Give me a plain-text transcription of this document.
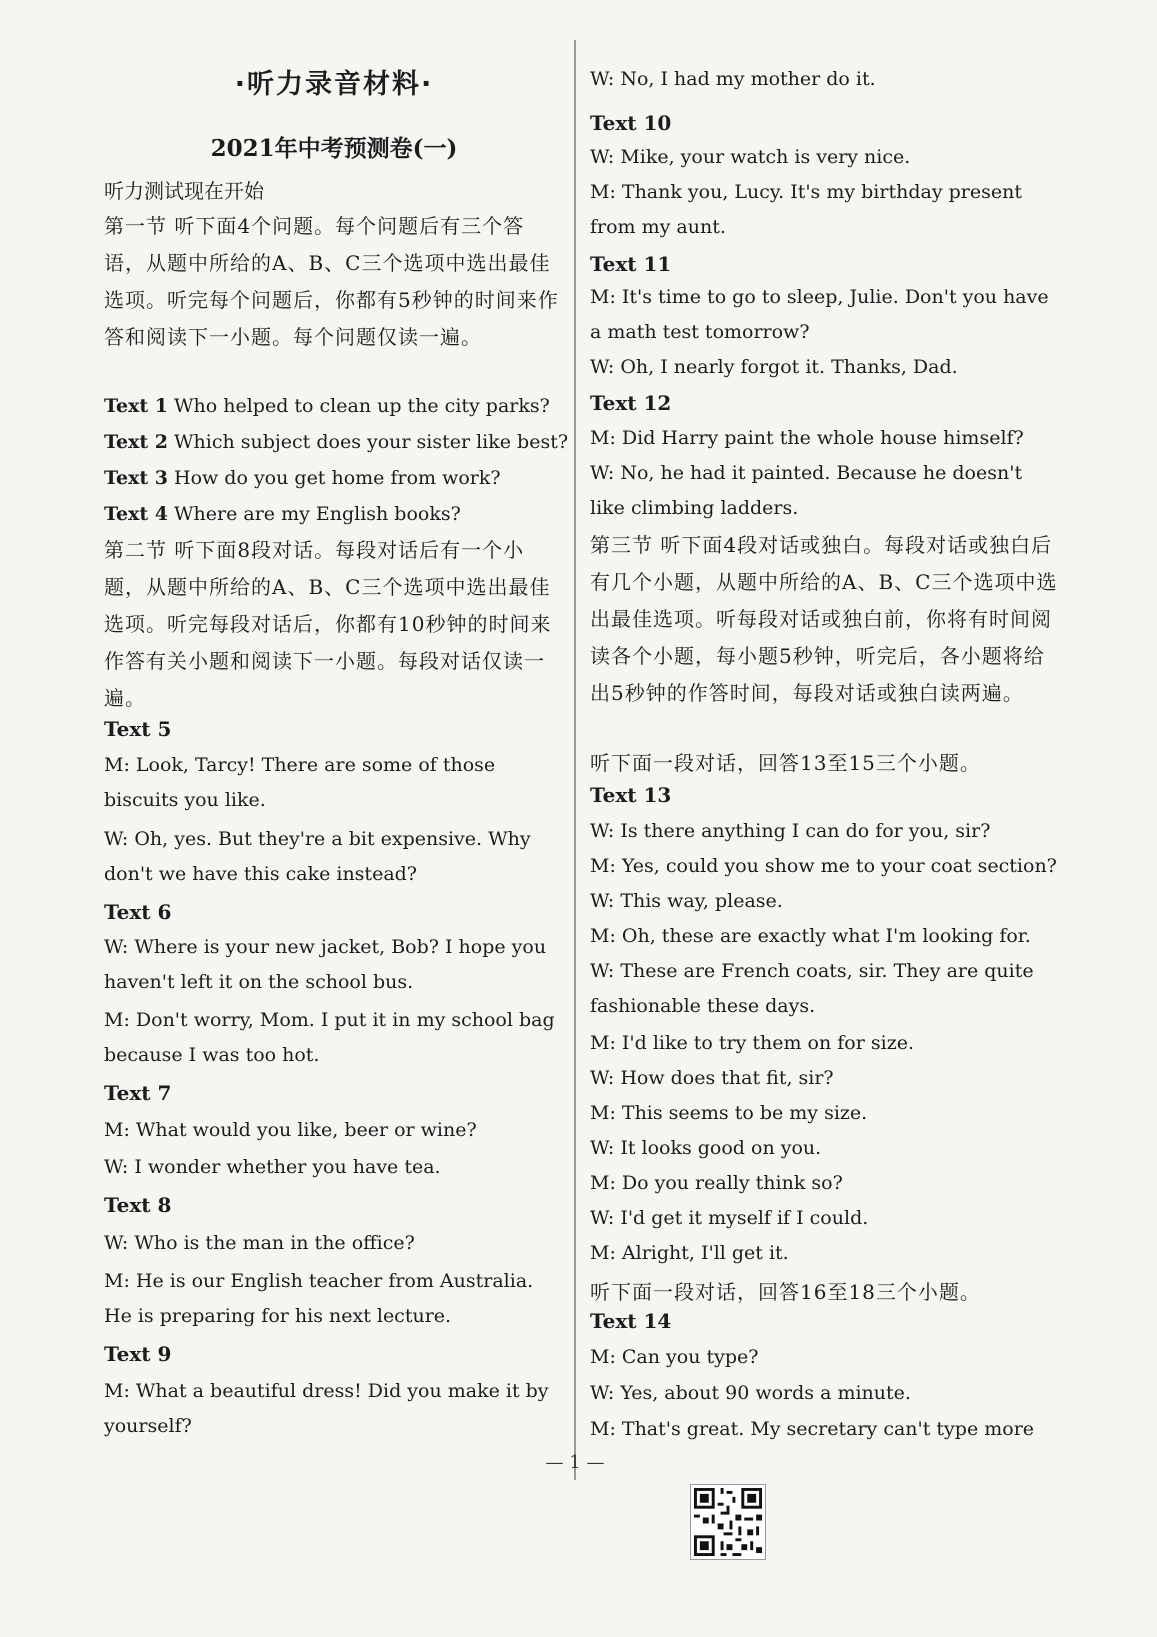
·听力录音材料·
2021年中考预测卷(一)
听力测试现在开始
第一节 听下面4个问题。每个问题后有三个答语，从题中所给的A、B、C三个选项中选出最佳选项。听完每个问题后，你都有5秒钟的时间来作答和阅读下一小题。每个问题仅读一遍。
Text 1 Who helped to clean up the city parks?
Text 2 Which subject does your sister like best?
Text 3 How do you get home from work?
Text 4 Where are my English books?
第二节 听下面8段对话。每段对话后有一个小题，从题中所给的A、B、C三个选项中选出最佳选项。听完每段对话后，你都有10秒钟的时间来作答有关小题和阅读下一小题。每段对话仅读一遍。
Text 5
M: Look, Tarcy! There are some of those biscuits you like.
W: Oh, yes. But they're a bit expensive. Why don't we have this cake instead?
Text 6
W: Where is your new jacket, Bob? I hope you haven't left it on the school bus.
M: Don't worry, Mom. I put it in my school bag because I was too hot.
Text 7
M: What would you like, beer or wine?
W: I wonder whether you have tea.
Text 8
W: Who is the man in the office?
M: He is our English teacher from Australia. He is preparing for his next lecture.
Text 9
M: What a beautiful dress! Did you make it by yourself?
W: No, I had my mother do it.
Text 10
W: Mike, your watch is very nice.
M: Thank you, Lucy. It's my birthday present from my aunt.
Text 11
M: It's time to go to sleep, Julie. Don't you have a math test tomorrow?
W: Oh, I nearly forgot it. Thanks, Dad.
Text 12
M: Did Harry paint the whole house himself?
W: No, he had it painted. Because he doesn't like climbing ladders.
第三节 听下面4段对话或独白。每段对话或独白后有几个小题，从题中所给的A、B、C三个选项中选出最佳选项。听每段对话或独白前，你将有时间阅读各个小题，每小题5秒钟，听完后，各小题将给出5秒钟的作答时间，每段对话或独白读两遍。
听下面一段对话，回答13至15三个小题。
Text 13
W: Is there anything I can do for you, sir?
M: Yes, could you show me to your coat section?
W: This way, please.
M: Oh, these are exactly what I'm looking for.
W: These are French coats, sir. They are quite fashionable these days.
M: I'd like to try them on for size.
W: How does that fit, sir?
M: This seems to be my size.
W: It looks good on you.
M: Do you really think so?
W: I'd get it myself if I could.
M: Alright, I'll get it.
听下面一段对话，回答16至18三个小题。
Text 14
M: Can you type?
W: Yes, about 90 words a minute.
M: That's great. My secretary can't type more
— 1 —
